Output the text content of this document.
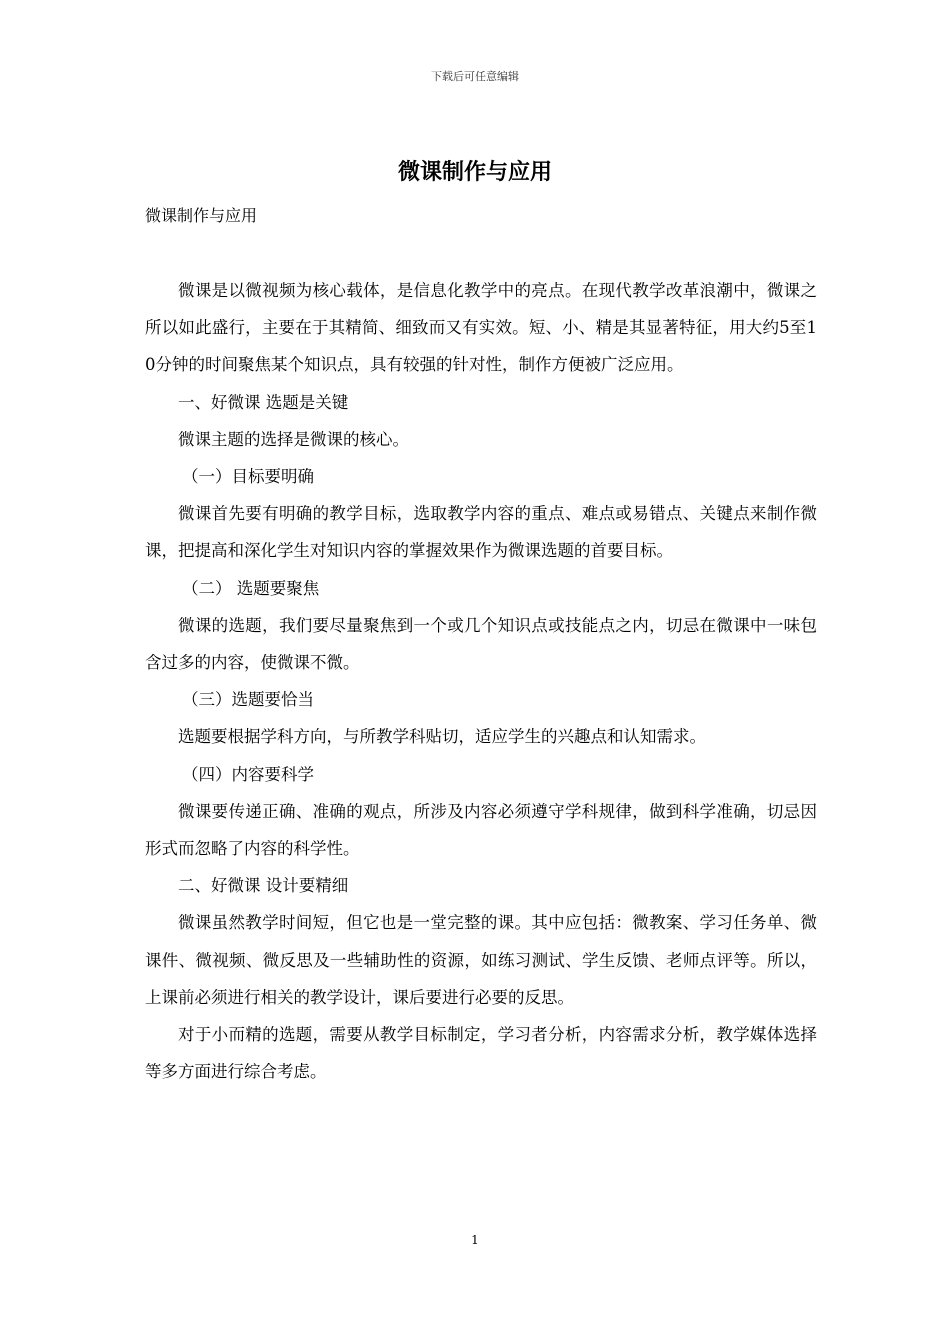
下载后可任意编辑
微课制作与应用
微课制作与应用

微课是以微视频为核心载体，是信息化教学中的亮点。在现代教学改革浪潮中，微课之所以如此盛行，主要在于其精简、细致而又有实效。短、小、精是其显著特征，用大约5至10分钟的时间聚焦某个知识点，具有较强的针对性，制作方便被广泛应用。

一、好微课 选题是关键

微课主题的选择是微课的核心。

（一）目标要明确

微课首先要有明确的教学目标，选取教学内容的重点、难点或易错点、关键点来制作微课，把提高和深化学生对知识内容的掌握效果作为微课选题的首要目标。

（二） 选题要聚焦

微课的选题，我们要尽量聚焦到一个或几个知识点或技能点之内，切忌在微课中一味包含过多的内容，使微课不微。

（三）选题要恰当

选题要根据学科方向，与所教学科贴切，适应学生的兴趣点和认知需求。

（四）内容要科学

微课要传递正确、准确的观点，所涉及内容必须遵守学科规律，做到科学准确，切忌因形式而忽略了内容的科学性。

二、好微课 设计要精细

微课虽然教学时间短，但它也是一堂完整的课。其中应包括：微教案、学习任务单、微课件、微视频、微反思及一些辅助性的资源，如练习测试、学生反馈、老师点评等。所以，上课前必须进行相关的教学设计，课后要进行必要的反思。

对于小而精的选题，需要从教学目标制定，学习者分析，内容需求分析，教学媒体选择等多方面进行综合考虑。

1
